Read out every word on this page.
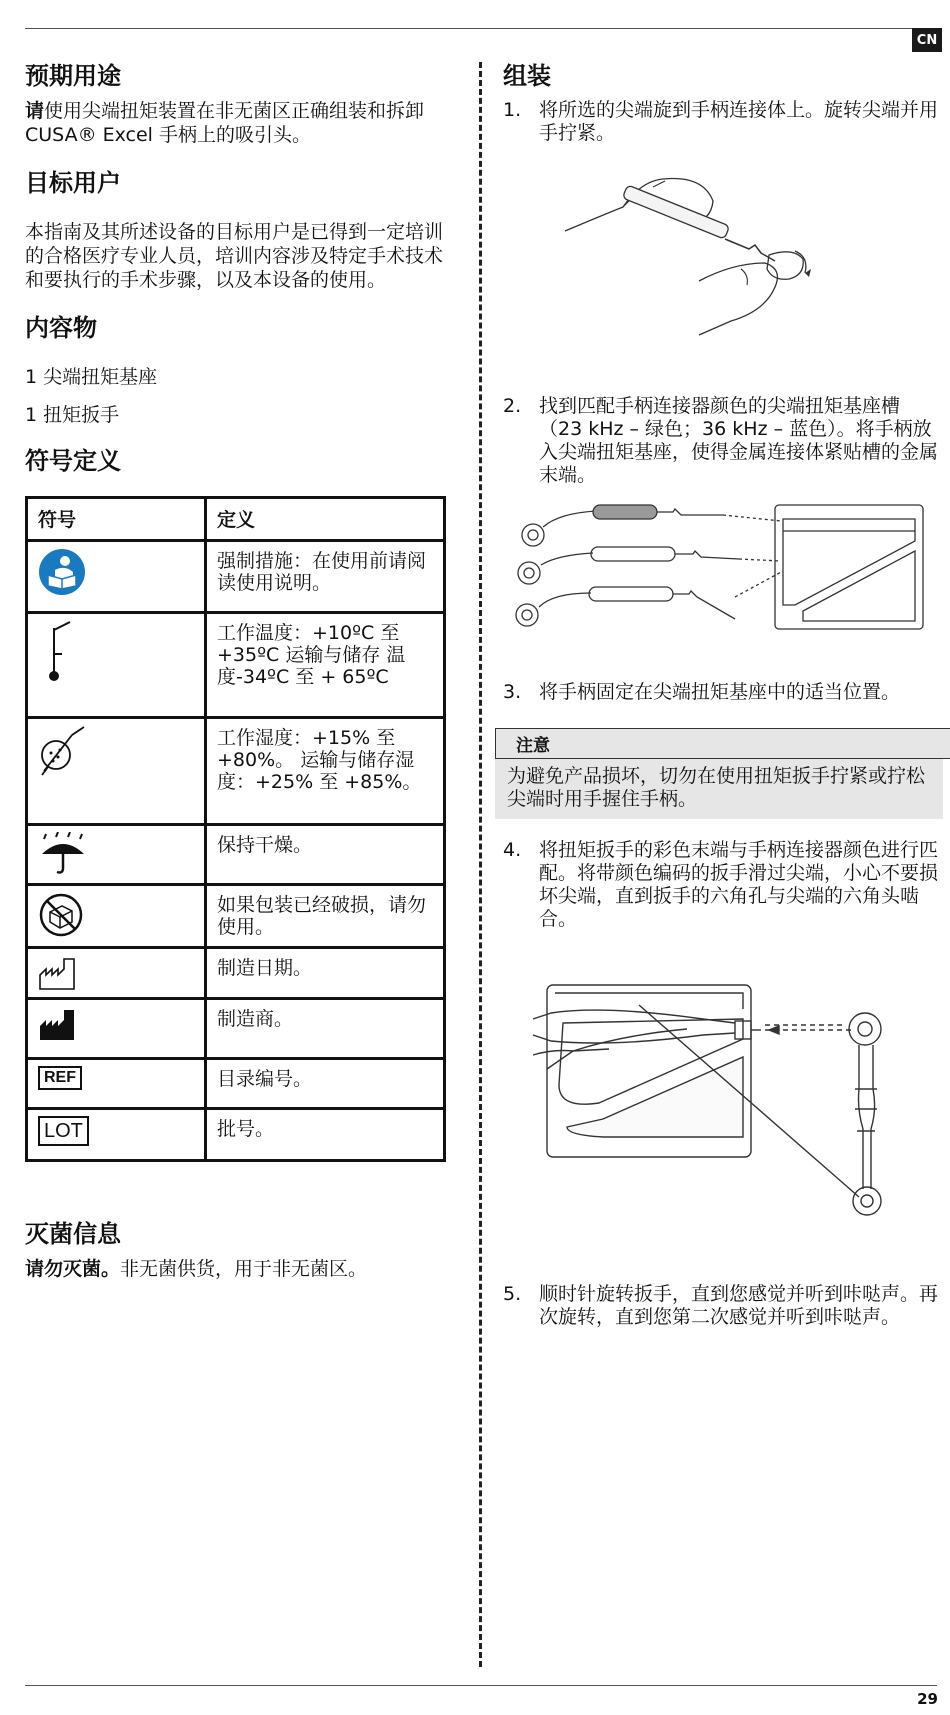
CN
预期用途

请使用尖端扭矩装置在非无菌区正确组装和拆卸 CUSA® Excel 手柄上的吸引头。

目标用户

本指南及其所述设备的目标用户是已得到一定培训的合格医疗专业人员，培训内容涉及特定手术技术和要执行的手术步骤，以及本设备的使用。

内容物
1 尖端扭矩基座
1 扭矩扳手
符号定义
符号	定义

	强制措施：在使用前请阅读使用说明。

	工作温度：+10ºC 至 +35ºC 运输与储存 温度-34ºC 至 + 65ºC

	工作湿度：+15% 至 +80%。 运输与储存湿 度：+25% 至 +85%。

	保持干燥。

	如果包装已经破损，请勿使用。

	制造日期。

	制造商。
REF	目录编号。
LOT	批号。
灭菌信息

请勿灭菌。非无菌供货，用于非无菌区。

组装
1. 将所选的尖端旋到手柄连接体上。旋转尖端并用手拧紧。
2. 找到匹配手柄连接器颜色的尖端扭矩基座槽（23 kHz – 绿色；36 kHz – 蓝色）。将手柄放入尖端扭矩基座，使得金属连接体紧贴槽的金属末端。
3. 将手柄固定在尖端扭矩基座中的适当位置。
注意
为避免产品损坏，切勿在使用扭矩扳手拧紧或拧松尖端时用手握住手柄。
4. 将扭矩扳手的彩色末端与手柄连接器颜色进行匹配。将带颜色编码的扳手滑过尖端，小心不要损坏尖端，直到扳手的六角孔与尖端的六角头啮合。
5. 顺时针旋转扳手，直到您感觉并听到咔哒声。再次旋转，直到您第二次感觉并听到咔哒声。
29
